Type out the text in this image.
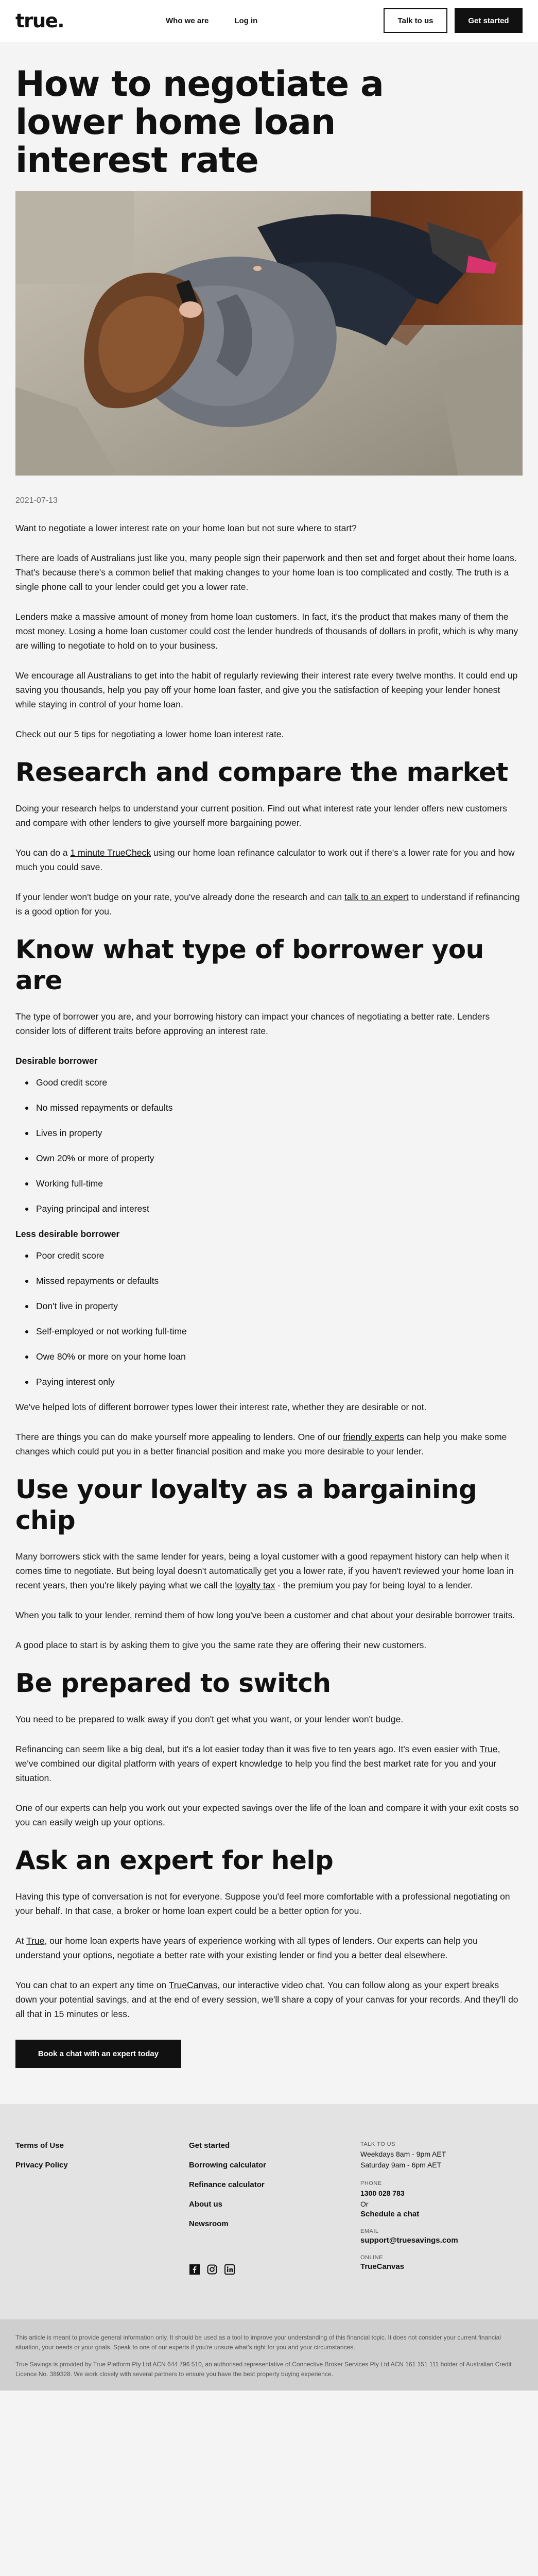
true.	Who we are	Log in	Talk to us	Get started
How to negotiate a lower home loan interest rate
2021-07-13

Want to negotiate a lower interest rate on your home loan but not sure where to start?

There are loads of Australians just like you, many people sign their paperwork and then set and forget about their home loans. That's because there's a common belief that making changes to your home loan is too complicated and costly. The truth is a single phone call to your lender could get you a lower rate.

Lenders make a massive amount of money from home loan customers. In fact, it's the product that makes many of them the most money. Losing a home loan customer could cost the lender hundreds of thousands of dollars in profit, which is why many are willing to negotiate to hold on to your business.

We encourage all Australians to get into the habit of regularly reviewing their interest rate every twelve months. It could end up saving you thousands, help you pay off your home loan faster, and give you the satisfaction of keeping your lender honest while staying in control of your home loan.

Check out our 5 tips for negotiating a lower home loan interest rate.

Research and compare the market

Doing your research helps to understand your current position. Find out what interest rate your lender offers new customers and compare with other lenders to give yourself more bargaining power.

You can do a 1 minute TrueCheck using our home loan refinance calculator to work out if there's a lower rate for you and how much you could save.

If your lender won't budge on your rate, you've already done the research and can talk to an expert to understand if refinancing is a good option for you.

Know what type of borrower you are

The type of borrower you are, and your borrowing history can impact your chances of negotiating a better rate. Lenders consider lots of different traits before approving an interest rate.

Desirable borrower
Good credit score
No missed repayments or defaults
Lives in property
Own 20% or more of property
Working full-time
Paying principal and interest
Less desirable borrower
Poor credit score
Missed repayments or defaults
Don't live in property
Self-employed or not working full-time
Owe 80% or more on your home loan
Paying interest only

We've helped lots of different borrower types lower their interest rate, whether they are desirable or not.

There are things you can do make yourself more appealing to lenders. One of our friendly experts can help you make some changes which could put you in a better financial position and make you more desirable to your lender.

Use your loyalty as a bargaining chip

Many borrowers stick with the same lender for years, being a loyal customer with a good repayment history can help when it comes time to negotiate. But being loyal doesn't automatically get you a lower rate, if you haven't reviewed your home loan in recent years, then you're likely paying what we call the loyalty tax - the premium you pay for being loyal to a lender.

When you talk to your lender, remind them of how long you've been a customer and chat about your desirable borrower traits.

A good place to start is by asking them to give you the same rate they are offering their new customers.

Be prepared to switch

You need to be prepared to walk away if you don't get what you want, or your lender won't budge.

Refinancing can seem like a big deal, but it's a lot easier today than it was five to ten years ago. It's even easier with True, we've combined our digital platform with years of expert knowledge to help you find the best market rate for you and your situation.

One of our experts can help you work out your expected savings over the life of the loan and compare it with your exit costs so you can easily weigh up your options.

Ask an expert for help

Having this type of conversation is not for everyone. Suppose you'd feel more comfortable with a professional negotiating on your behalf. In that case, a broker or home loan expert could be a better option for you.

At True, our home loan experts have years of experience working with all types of lenders. Our experts can help you understand your options, negotiate a better rate with your existing lender or find you a better deal elsewhere.

You can chat to an expert any time on TrueCanvas, our interactive video chat. You can follow along as your expert breaks down your potential savings, and at the end of every session, we'll share a copy of your canvas for your records. And they'll do all that in 15 minutes or less.

Book a chat with an expert today
Terms of Use
Privacy Policy
Get started
Borrowing calculator
Refinance calculator
About us
Newsroom
TALK TO US
Weekdays 8am - 9pm AET
Saturday 9am - 6pm AET
PHONE
1300 028 783
Or
Schedule a chat
EMAIL
support@truesavings.com
ONLINE
TrueCanvas

This article is meant to provide general information only. It should be used as a tool to improve your understanding of this financial topic. It does not consider your current financial situation, your needs or your goals. Speak to one of our experts if you're unsure what's right for you and your circumstances.

True Savings is provided by True Platform Pty Ltd ACN 644 796 510, an authorised representative of Connective Broker Services Pty Ltd ACN 161 151 111 holder of Australian Credit Licence No. 389328. We work closely with several partners to ensure you have the best property buying experience.
